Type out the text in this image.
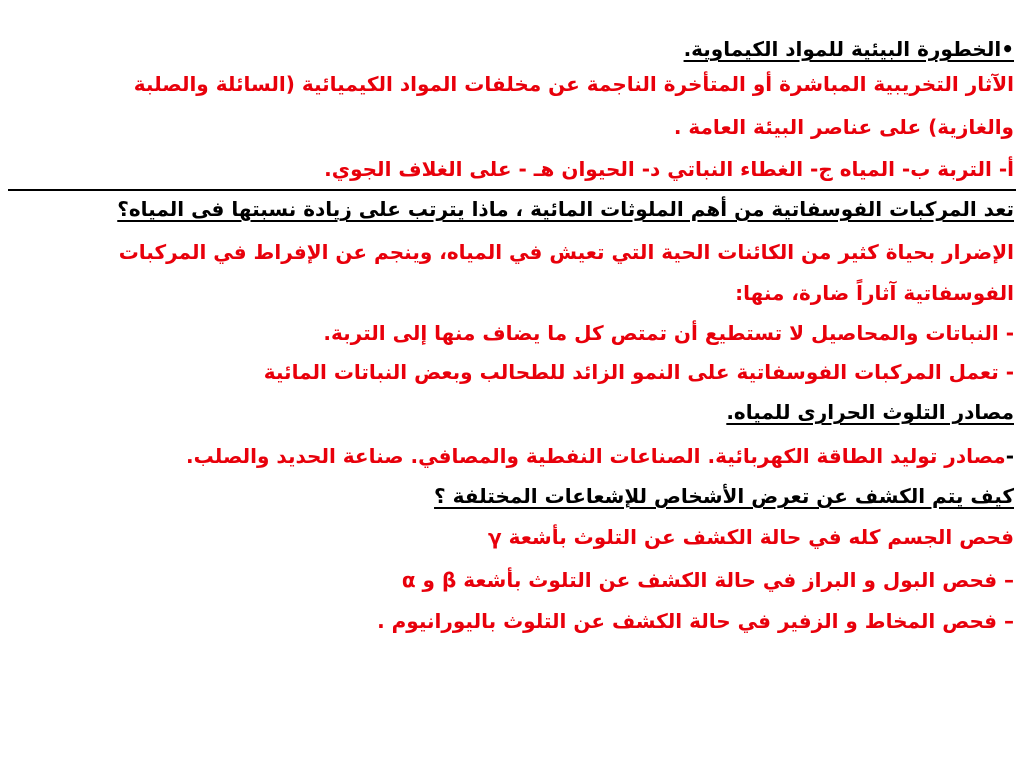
•الخطورة البيئية للمواد الكيماوية.
الآثار التخريبية المباشرة أو المتأخرة الناجمة عن مخلفات المواد الكيميائية (السائلة والصلبة
والغازية) على عناصر البيئة العامة .
أ- التربة ب- المياه ج- الغطاء النباتي د- الحيوان هـ - على الغلاف الجوي.
تعد المركبات الفوسفاتية من أهم الملوثات المائية ، ماذا يترتب على زيادة نسبتها فى المياه؟
الإضرار بحياة كثير من الكائنات الحية التي تعيش في المياه، وينجم عن الإفراط في المركبات
الفوسفاتية آثاراً ضارة، منها:
- النباتات والمحاصيل لا تستطيع أن تمتص كل ما يضاف منها إلى التربة.
- تعمل المركبات الفوسفاتية على النمو الزائد للطحالب وبعض النباتات المائية
مصادر التلوث الحرارى للمياه.
-مصادر توليد الطاقة الكهربائية. الصناعات النفطية والمصافي. صناعة الحديد والصلب.
كيف يتم الكشف عن تعرض الأشخاص للإشعاعات المختلفة ؟
فحص الجسم كله في حالة الكشف عن التلوث بأشعة γ
– فحص البول و البراز في حالة الكشف عن التلوث بأشعة β و α
– فحص المخاط و الزفير في حالة الكشف عن التلوث باليورانيوم .
